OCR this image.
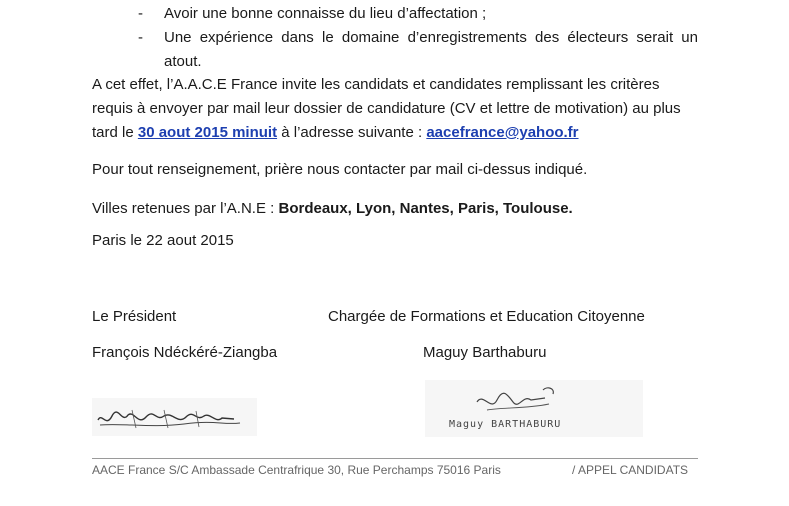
- Avoir une bonne connaisse du lieu d’affectation ;
- Une expérience dans le domaine d’enregistrements des électeurs serait un atout.
A cet effet, l’A.A.C.E France invite les candidats et candidates remplissant les critères requis à envoyer par mail leur dossier de candidature (CV et lettre de motivation) au plus tard le 30 aout 2015 minuit à l’adresse suivante : aacefrance@yahoo.fr
Pour tout renseignement, prière nous contacter par mail ci-dessus indiqué.
Villes retenues par l’A.N.E : Bordeaux, Lyon, Nantes, Paris, Toulouse.
Paris le 22 aout 2015
Le Président	Chargée de Formations et Education Citoyenne
François Ndéckéré-Ziangba	Maguy Barthaburu
Maguy BARTHABURU
AACE France S/C Ambassade Centrafrique 30, Rue Perchamps 75016 Paris	/ APPEL CANDIDATS
